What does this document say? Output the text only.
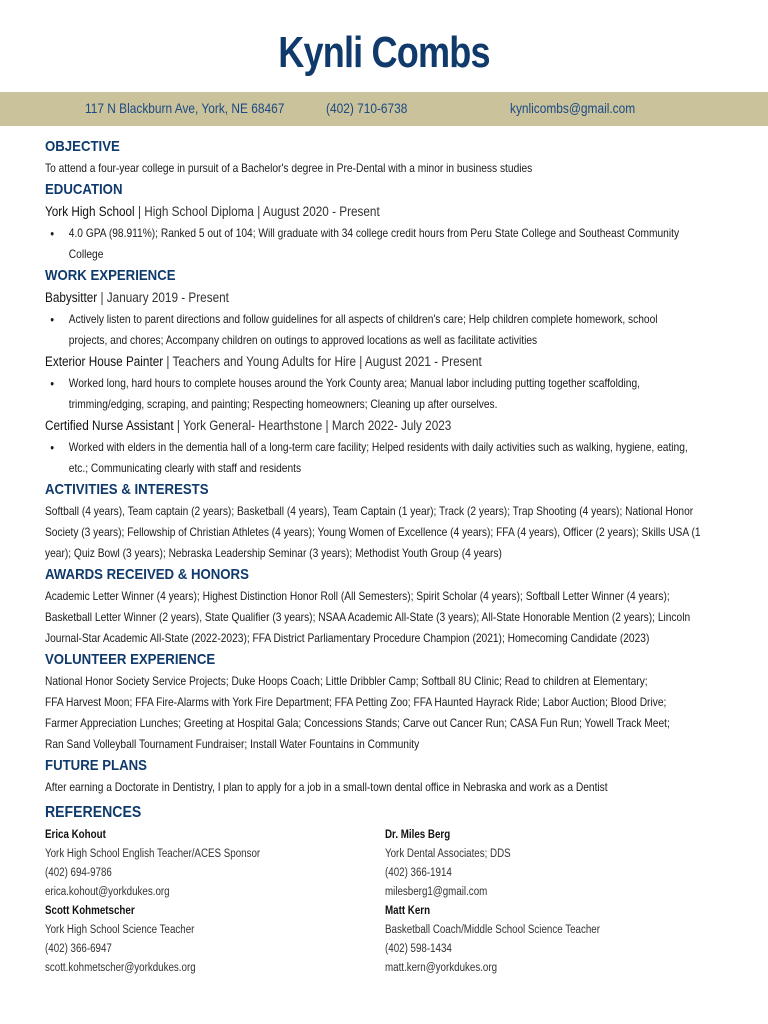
Kynli Combs
117 N Blackburn Ave, York, NE 68467	(402) 710-6738	kynlicombs@gmail.com
OBJECTIVE

To attend a four-year college in pursuit of a Bachelor's degree in Pre-Dental with a minor in business studies

EDUCATION

York High School | High School Diploma | August 2020 - Present

● 4.0 GPA (98.911%); Ranked 5 out of 104; Will graduate with 34 college credit hours from Peru State College and Southeast Community
College
WORK EXPERIENCE

Babysitter | January 2019 - Present

● Actively listen to parent directions and follow guidelines for all aspects of children's care; Help children complete homework, school
projects, and chores; Accompany children on outings to approved locations as well as facilitate activities

Exterior House Painter | Teachers and Young Adults for Hire | August 2021 - Present

● Worked long, hard hours to complete houses around the York County area; Manual labor including putting together scaffolding,
trimming/edging, scraping, and painting; Respecting homeowners; Cleaning up after ourselves.

Certified Nurse Assistant | York General- Hearthstone | March 2022- July 2023

● Worked with elders in the dementia hall of a long-term care facility; Helped residents with daily activities such as walking, hygiene, eating,
etc.; Communicating clearly with staff and residents
ACTIVITIES & INTERESTS

Softball (4 years), Team captain (2 years); Basketball (4 years), Team Captain (1 year); Track (2 years); Trap Shooting (4 years); National Honor

Society (3 years); Fellowship of Christian Athletes (4 years); Young Women of Excellence (4 years); FFA (4 years), Officer (2 years); Skills USA (1

year); Quiz Bowl (3 years); Nebraska Leadership Seminar (3 years); Methodist Youth Group (4 years)

AWARDS RECEIVED & HONORS

Academic Letter Winner (4 years); Highest Distinction Honor Roll (All Semesters); Spirit Scholar (4 years); Softball Letter Winner (4 years);

Basketball Letter Winner (2 years), State Qualifier (3 years); NSAA Academic All-State (3 years); All-State Honorable Mention (2 years); Lincoln

Journal-Star Academic All-State (2022-2023); FFA District Parliamentary Procedure Champion (2021); Homecoming Candidate (2023)

VOLUNTEER EXPERIENCE

National Honor Society Service Projects; Duke Hoops Coach; Little Dribbler Camp; Softball 8U Clinic; Read to children at Elementary;

FFA Harvest Moon; FFA Fire-Alarms with York Fire Department; FFA Petting Zoo; FFA Haunted Hayrack Ride; Labor Auction; Blood Drive;

Farmer Appreciation Lunches; Greeting at Hospital Gala; Concessions Stands; Carve out Cancer Run; CASA Fun Run; Yowell Track Meet;

Ran Sand Volleyball Tournament Fundraiser; Install Water Fountains in Community

FUTURE PLANS

After earning a Doctorate in Dentistry, I plan to apply for a job in a small-town dental office in Nebraska and work as a Dentist

REFERENCES
Erica Kohout
York High School English Teacher/ACES Sponsor
(402) 694-9786
erica.kohout@yorkdukes.org
Scott Kohmetscher
York High School Science Teacher
(402) 366-6947
scott.kohmetscher@yorkdukes.org
Dr. Miles Berg
York Dental Associates; DDS
(402) 366-1914
milesberg1@gmail.com
Matt Kern
Basketball Coach/Middle School Science Teacher
(402) 598-1434
matt.kern@yorkdukes.org
